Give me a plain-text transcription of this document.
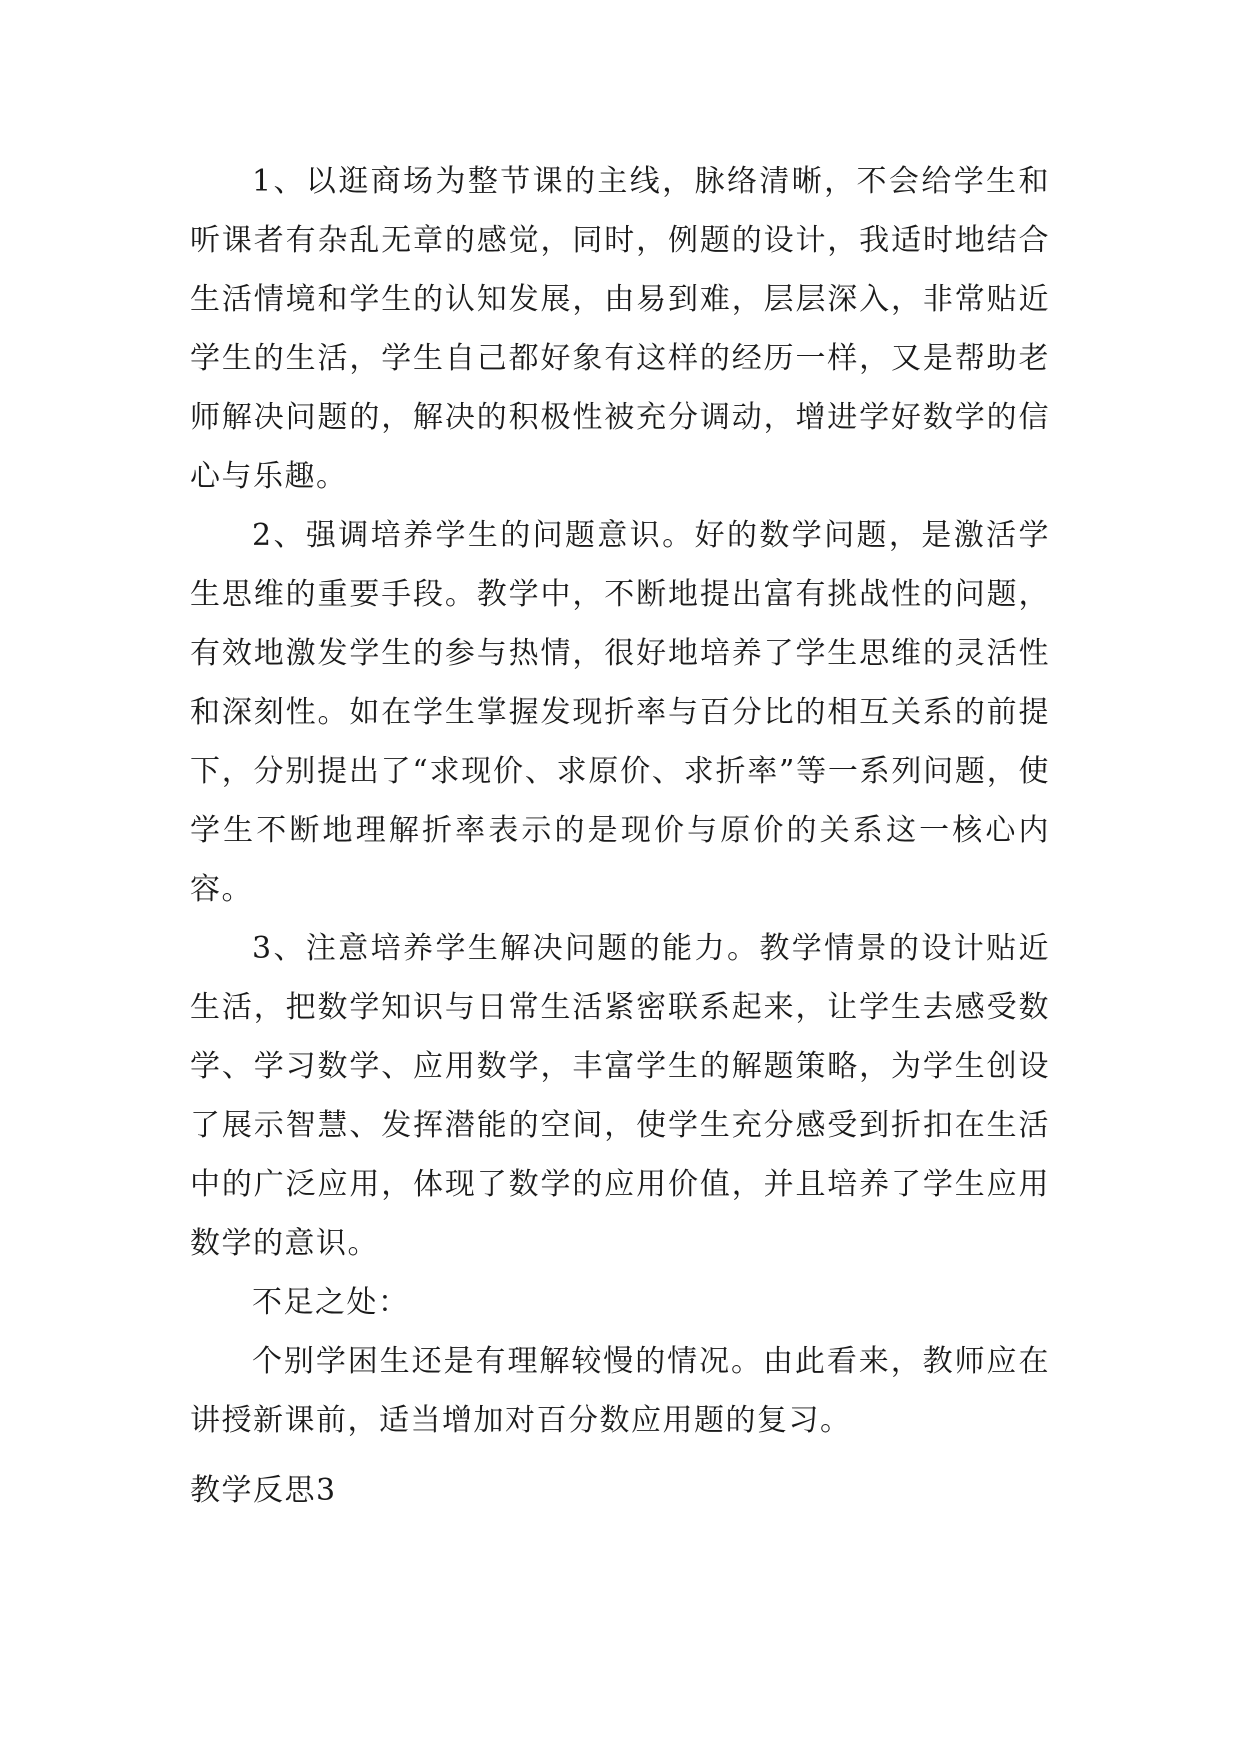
1、以逛商场为整节课的主线，脉络清晰，不会给学生和听课者有杂乱无章的感觉，同时，例题的设计，我适时地结合生活情境和学生的认知发展，由易到难，层层深入，非常贴近学生的生活，学生自己都好象有这样的经历一样，又是帮助老师解决问题的，解决的积极性被充分调动，增进学好数学的信心与乐趣。

2、强调培养学生的问题意识。好的数学问题，是激活学生思维的重要手段。教学中，不断地提出富有挑战性的问题，有效地激发学生的参与热情，很好地培养了学生思维的灵活性和深刻性。如在学生掌握发现折率与百分比的相互关系的前提下，分别提出了“求现价、求原价、求折率”等一系列问题，使学生不断地理解折率表示的是现价与原价的关系这一核心内容。

3、注意培养学生解决问题的能力。教学情景的设计贴近生活，把数学知识与日常生活紧密联系起来，让学生去感受数学、学习数学、应用数学，丰富学生的解题策略，为学生创设了展示智慧、发挥潜能的空间，使学生充分感受到折扣在生活中的广泛应用，体现了数学的应用价值，并且培养了学生应用数学的意识。

不足之处：

个别学困生还是有理解较慢的情况。由此看来，教师应在讲授新课前，适当增加对百分数应用题的复习。

教学反思3
